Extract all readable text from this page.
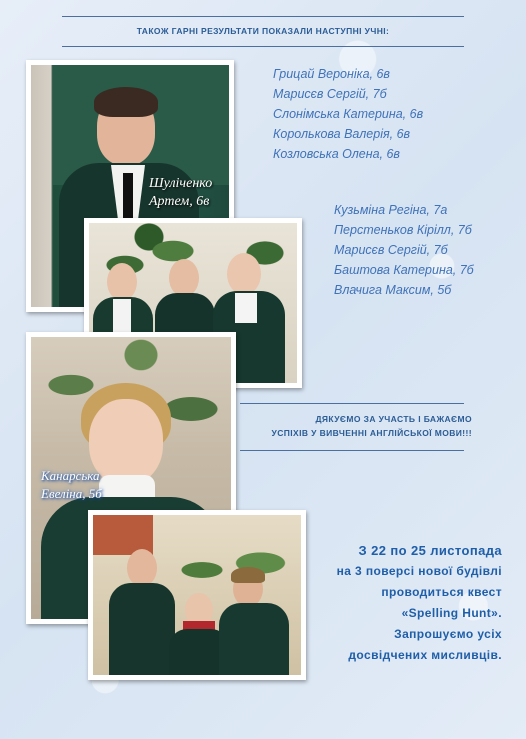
ТАКОЖ ГАРНІ РЕЗУЛЬТАТИ ПОКАЗАЛИ НАСТУПНІ УЧНІ:
Шуліченко
Артем, 6в
Грицай Вероніка, 6в
Марисєв Сергій, 7б
Слонімська Катерина, 6в
Королькова Валерія, 6в
Козловська Олена, 6в
Кузьміна Регіна, 7а
Перстеньков Кірілл, 7б
Марисєв Сергій, 7б
Баштова Катерина, 7б
Влачига Максим, 5б
Канарська
Евеліна, 5б
ДЯКУЄМО ЗА УЧАСТЬ І БАЖАЄМО
УСПІХІВ У ВИВЧЕННІ АНГЛІЙСЬКОЇ МОВИ!!!
З 22 по 25 листопада
на 3 поверсі нової будівлі
проводиться квест
«Spelling Hunt».
Запрошуємо усіх
досвідчених мисливців.
